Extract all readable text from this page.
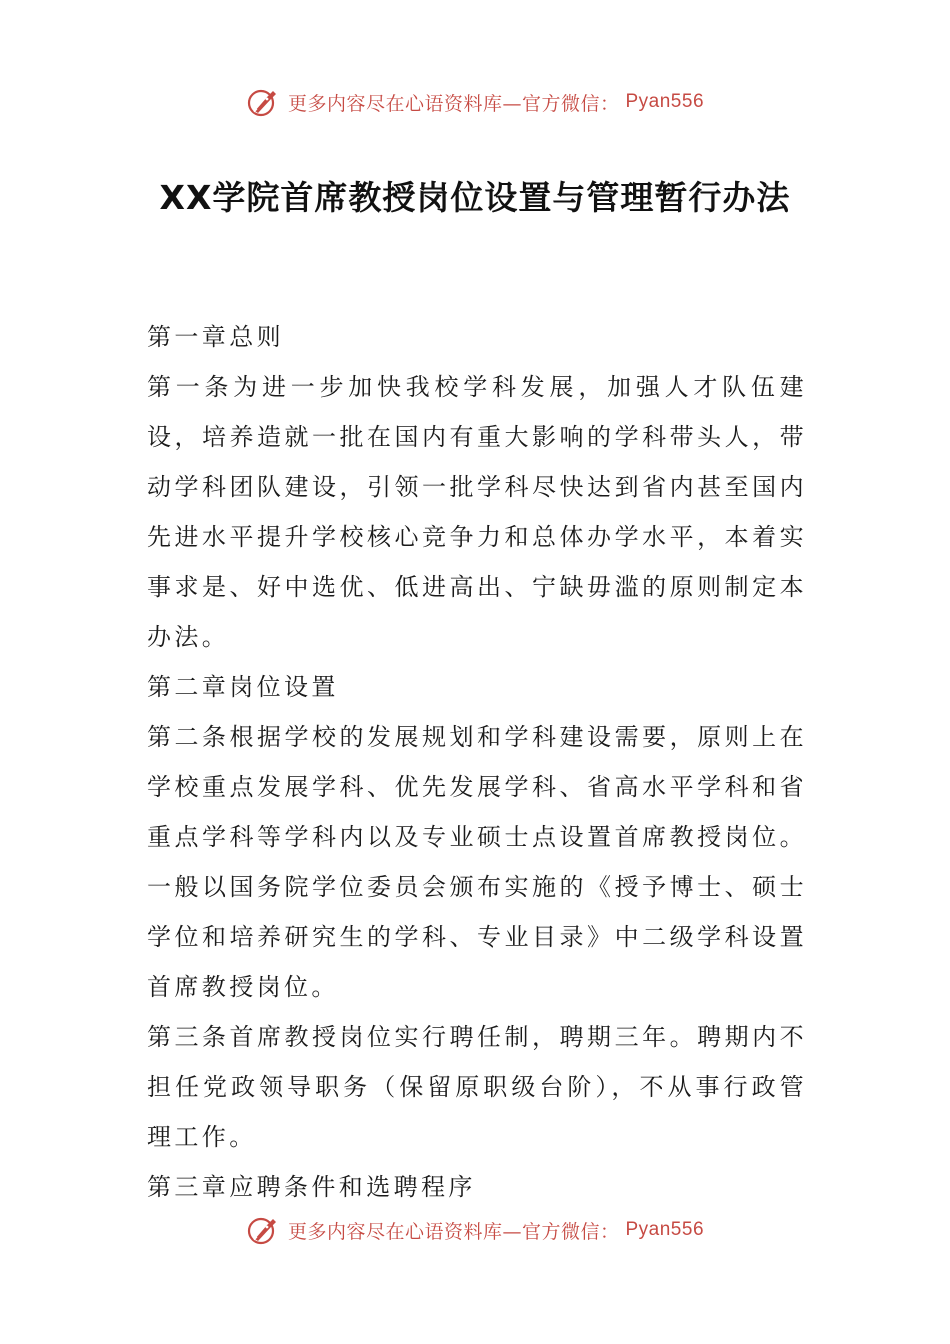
更多内容尽在心语资料库—官方微信： Pyan556
XX学院首席教授岗位设置与管理暂行办法

第一章总则

第一条为进一步加快我校学科发展，加强人才队伍建设，培养造就一批在国内有重大影响的学科带头人，带动学科团队建设，引领一批学科尽快达到省内甚至国内先进水平提升学校核心竞争力和总体办学水平，本着实事求是、好中选优、低进高出、宁缺毋滥的原则制定本办法。

第二章岗位设置

第二条根据学校的发展规划和学科建设需要，原则上在学校重点发展学科、优先发展学科、省高水平学科和省重点学科等学科内以及专业硕士点设置首席教授岗位。一般以国务院学位委员会颁布实施的《授予博士、硕士学位和培养研究生的学科、专业目录》中二级学科设置首席教授岗位。

第三条首席教授岗位实行聘任制，聘期三年。聘期内不担任党政领导职务（保留原职级台阶），不从事行政管理工作。

第三章应聘条件和选聘程序

更多内容尽在心语资料库—官方微信： Pyan556
